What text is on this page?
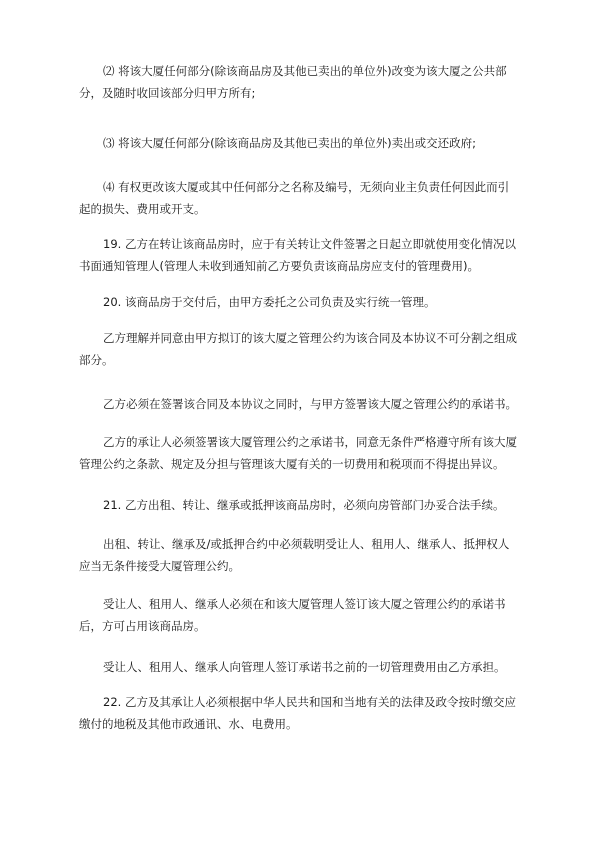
⑵ 将该大厦任何部分(除该商品房及其他已卖出的单位外)改变为该大厦之公共部分，及随时收回该部分归甲方所有;

⑶ 将该大厦任何部分(除该商品房及其他已卖出的单位外)卖出或交还政府;

⑷ 有权更改该大厦或其中任何部分之名称及编号，无须向业主负责任何因此而引起的损失、费用或开支。

19. 乙方在转让该商品房时，应于有关转让文件签署之日起立即就使用变化情况以书面通知管理人(管理人未收到通知前乙方要负责该商品房应支付的管理费用)。

20. 该商品房于交付后，由甲方委托之公司负责及实行统一管理。

乙方理解并同意由甲方拟订的该大厦之管理公约为该合同及本协议不可分割之组成部分。

乙方必须在签署该合同及本协议之同时，与甲方签署该大厦之管理公约的承诺书。

乙方的承让人必须签署该大厦管理公约之承诺书，同意无条件严格遵守所有该大厦管理公约之条款、规定及分担与管理该大厦有关的一切费用和税项而不得提出异议。

21. 乙方出租、转让、继承或抵押该商品房时，必须向房管部门办妥合法手续。

出租、转让、继承及/或抵押合约中必须载明受让人、租用人、继承人、抵押权人应当无条件接受大厦管理公约。

受让人、租用人、继承人必须在和该大厦管理人签订该大厦之管理公约的承诺书后，方可占用该商品房。

受让人、租用人、继承人向管理人签订承诺书之前的一切管理费用由乙方承担。

22. 乙方及其承让人必须根据中华人民共和国和当地有关的法律及政令按时缴交应缴付的地税及其他市政通讯、水、电费用。
